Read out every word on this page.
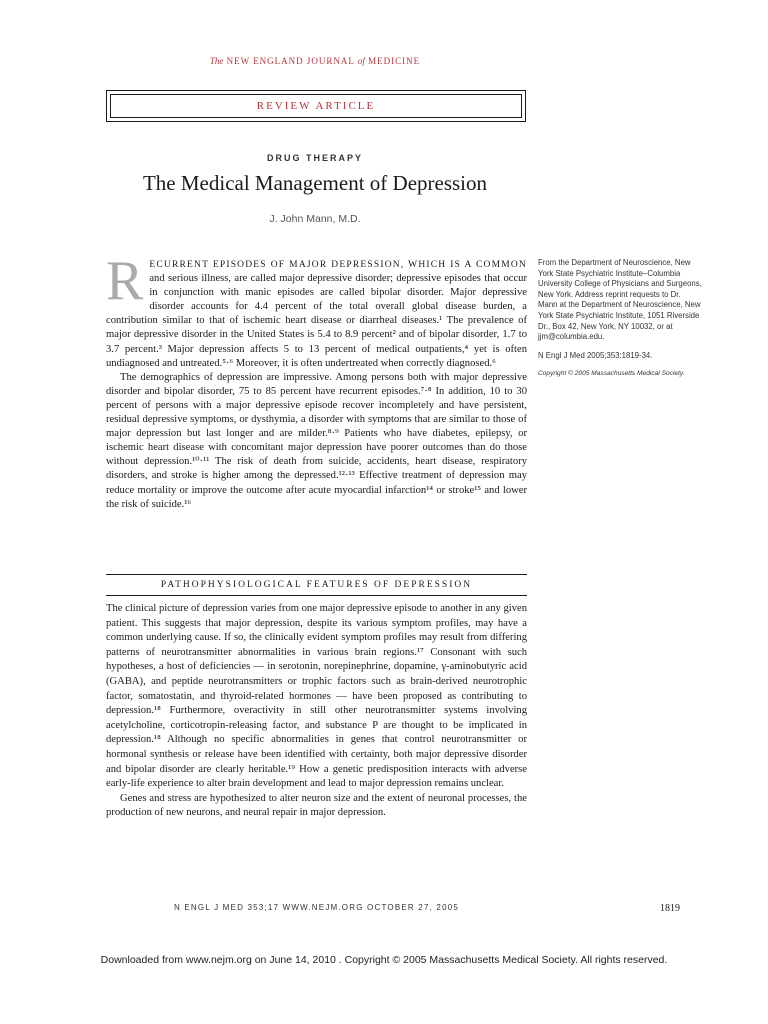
The NEW ENGLAND JOURNAL of MEDICINE
REVIEW ARTICLE
DRUG THERAPY
The Medical Management of Depression
J. John Mann, M.D.

RECURRENT EPISODES OF MAJOR DEPRESSION, WHICH IS A COMMON and serious illness, are called major depressive disorder; depressive episodes that occur in conjunction with manic episodes are called bipolar disorder. Major depressive disorder accounts for 4.4 percent of the total overall global disease burden, a contribution similar to that of ischemic heart disease or diarrheal diseases.¹ The prevalence of major depressive disorder in the United States is 5.4 to 8.9 percent² and of bipolar disorder, 1.7 to 3.7 percent.³ Major depression affects 5 to 13 percent of medical outpatients,⁴ yet is often undiagnosed and untreated.⁵·⁶ Moreover, it is often undertreated when correctly diagnosed.⁶

The demographics of depression are impressive. Among persons both with major depressive disorder and bipolar disorder, 75 to 85 percent have recurrent episodes.⁷·⁸ In addition, 10 to 30 percent of persons with a major depressive episode recover incompletely and have persistent, residual depressive symptoms, or dysthymia, a disorder with symptoms that are similar to those of major depression but last longer and are milder.⁸·⁹ Patients who have diabetes, epilepsy, or ischemic heart disease with concomitant major depression have poorer outcomes than do those without depression.¹⁰·¹¹ The risk of death from suicide, accidents, heart disease, respiratory disorders, and stroke is higher among the depressed.¹²·¹³ Effective treatment of depression may reduce mortality or improve the outcome after acute myocardial infarction¹⁴ or stroke¹⁵ and lower the risk of suicide.¹⁶

From the Department of Neuroscience, New York State Psychiatric Institute–Columbia University College of Physicians and Surgeons, New York. Address reprint requests to Dr. Mann at the Department of Neuroscience, New York State Psychiatric Institute, 1051 Riverside Dr., Box 42, New York, NY 10032, or at jjm@columbia.edu.

N Engl J Med 2005;353:1819-34.

Copyright © 2005 Massachusetts Medical Society.

PATHOPHYSIOLOGICAL FEATURES OF DEPRESSION

The clinical picture of depression varies from one major depressive episode to another in any given patient. This suggests that major depression, despite its various symptom profiles, may have a common underlying cause. If so, the clinically evident symptom profiles may result from differing patterns of neurotransmitter abnormalities in various brain regions.¹⁷ Consonant with such hypotheses, a host of deficiencies — in serotonin, norepinephrine, dopamine, γ-aminobutyric acid (GABA), and peptide neurotransmitters or trophic factors such as brain-derived neurotrophic factor, somatostatin, and thyroid-related hormones — have been proposed as contributing to depression.¹⁸ Furthermore, overactivity in still other neurotransmitter systems involving acetylcholine, corticotropin-releasing factor, and substance P are thought to be implicated in depression.¹⁸ Although no specific abnormalities in genes that control neurotransmitter or hormonal synthesis or release have been identified with certainty, both major depressive disorder and bipolar disorder are clearly heritable.¹⁹ How a genetic predisposition interacts with adverse early-life experience to alter brain development and lead to major depression remains unclear.

Genes and stress are hypothesized to alter neuron size and the extent of neuronal processes, the production of new neurons, and neural repair in major depression.

N ENGL J MED 353;17 WWW.NEJM.ORG OCTOBER 27, 2005	1819
Downloaded from www.nejm.org on June 14, 2010 . Copyright © 2005 Massachusetts Medical Society. All rights reserved.
